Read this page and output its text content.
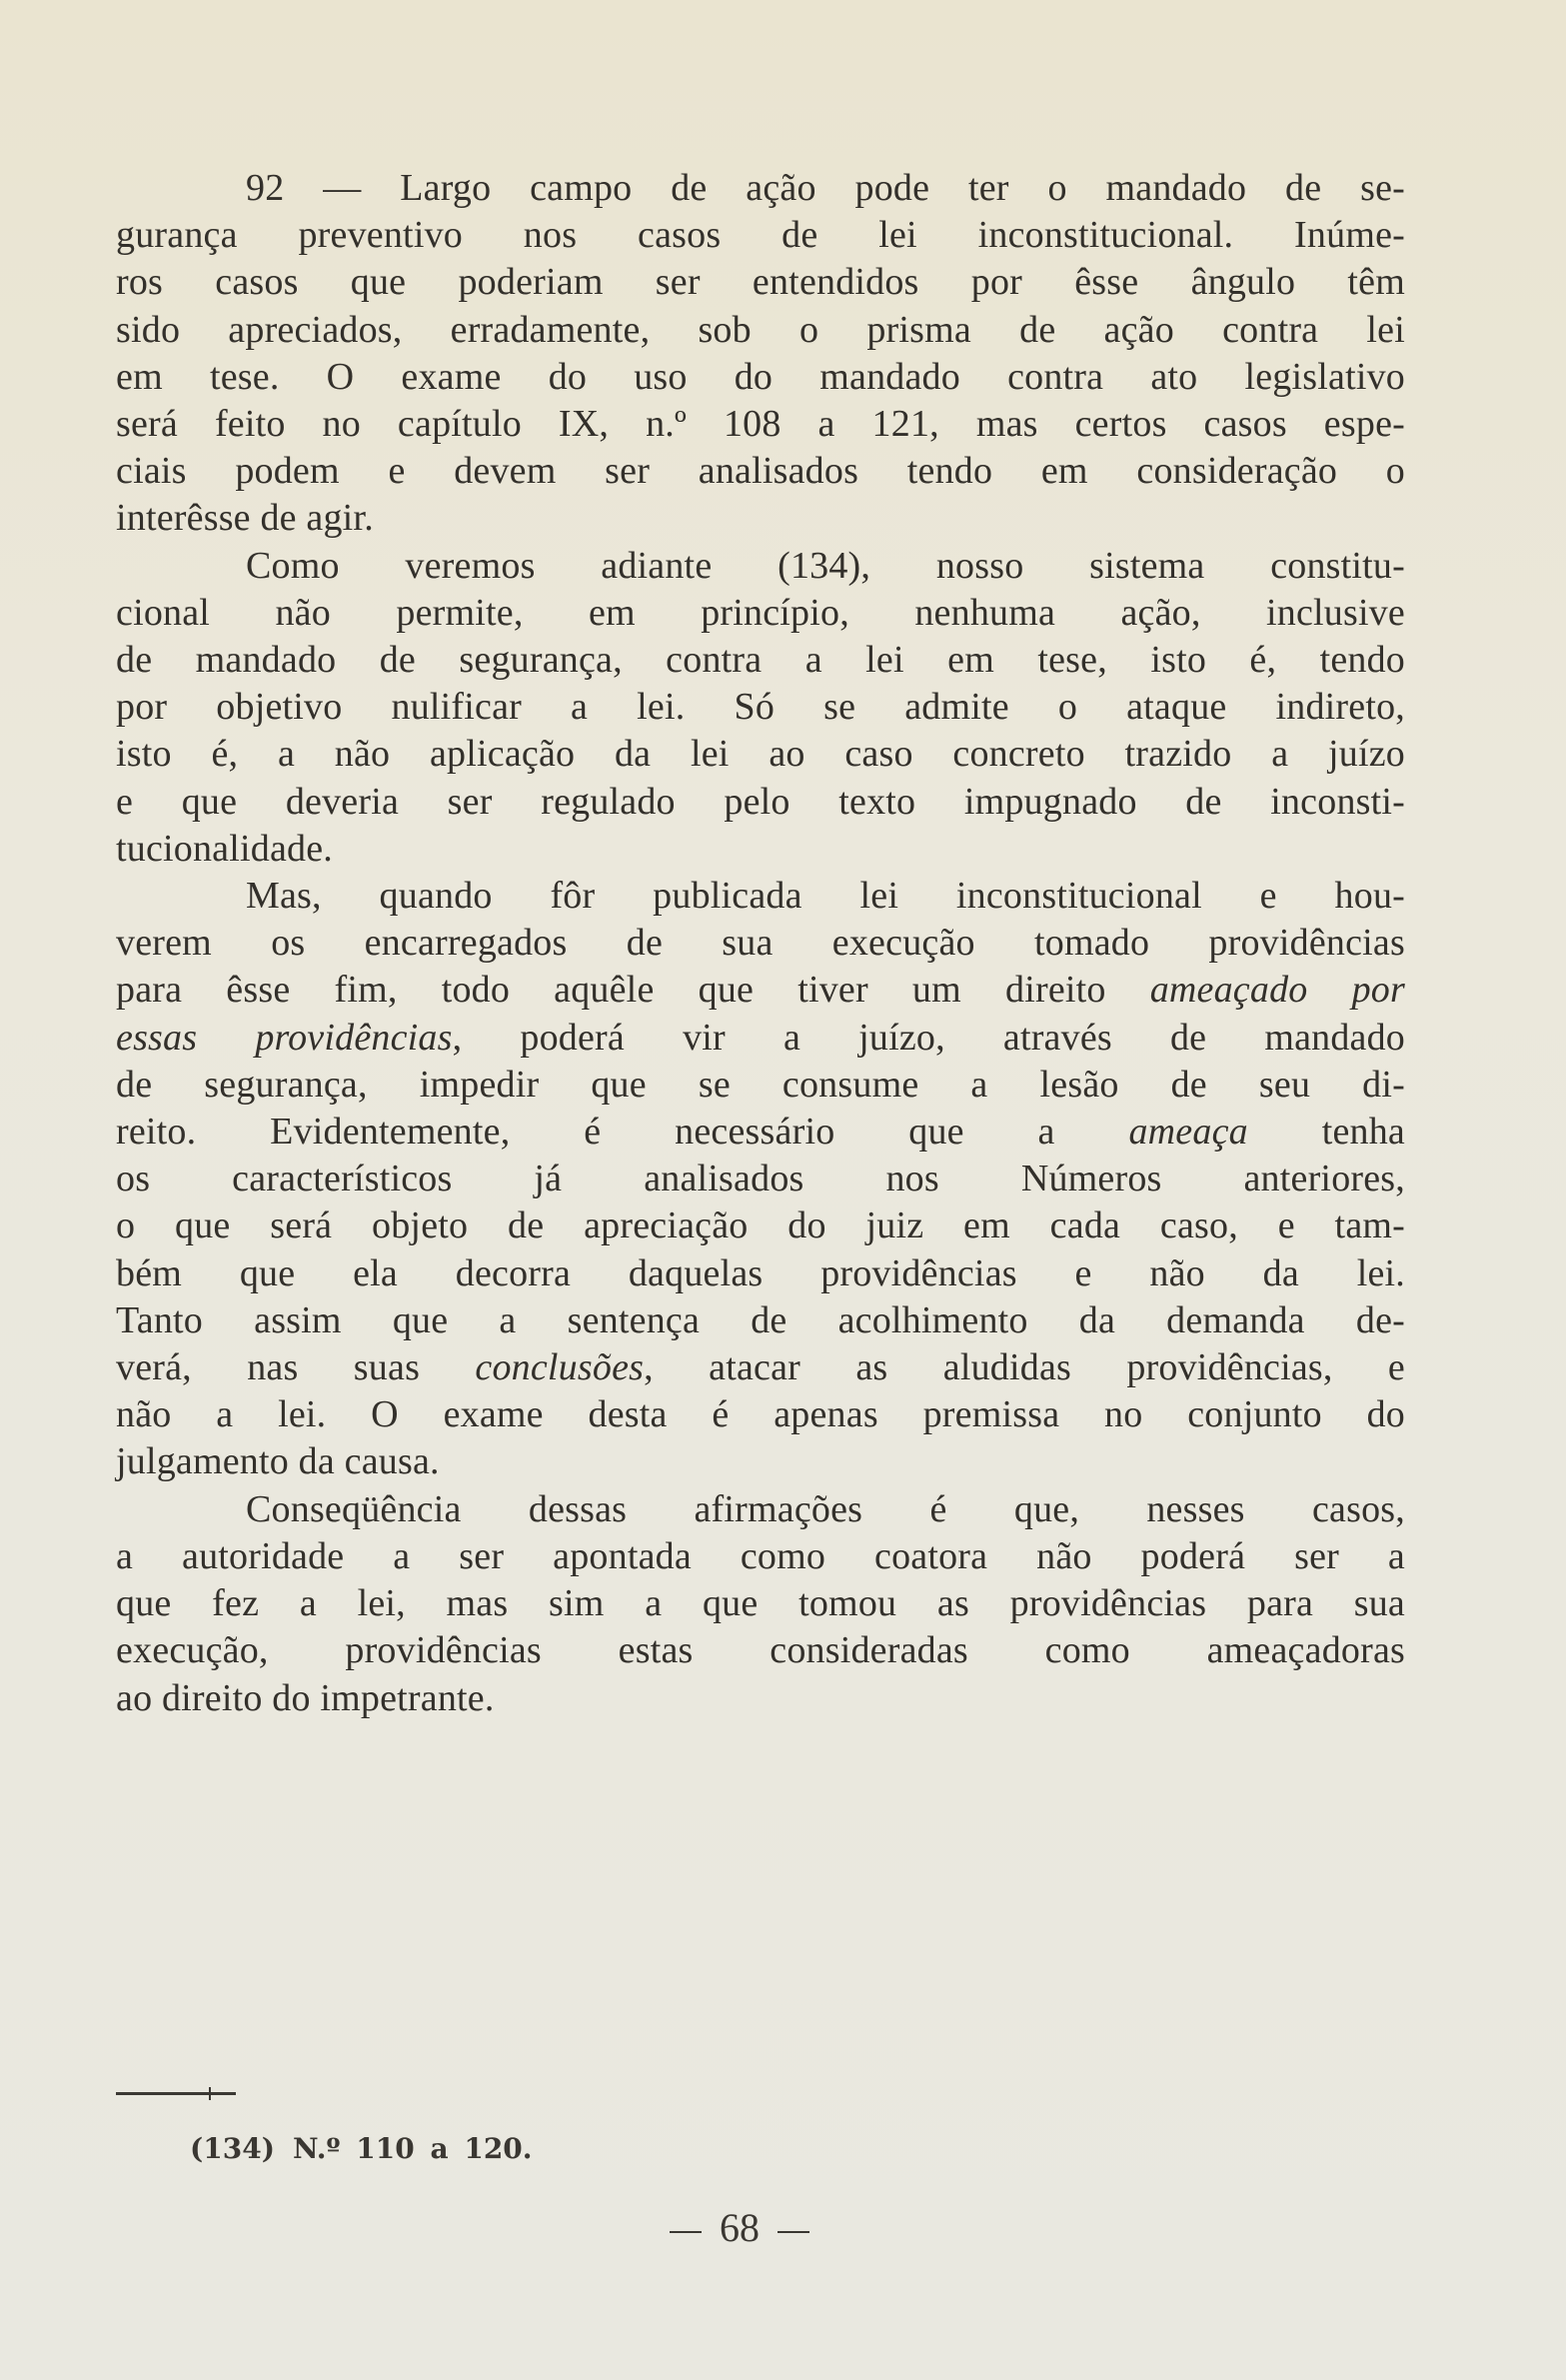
92 — Largo campo de ação pode ter o mandado de se-
gurança preventivo nos casos de lei inconstitucional. Inúme-
ros casos que poderiam ser entendidos por êsse ângulo têm
sido apreciados, erradamente, sob o prisma de ação contra lei
em tese. O exame do uso do mandado contra ato legislativo
será feito no capítulo IX, n.º 108 a 121, mas certos casos espe-
ciais podem e devem ser analisados tendo em consideração o
interêsse de agir.

Como veremos adiante (134), nosso sistema constitu-
cional não permite, em princípio, nenhuma ação, inclusive
de mandado de segurança, contra a lei em tese, isto é, tendo
por objetivo nulificar a lei. Só se admite o ataque indireto,
isto é, a não aplicação da lei ao caso concreto trazido a juízo
e que deveria ser regulado pelo texto impugnado de inconsti-
tucionalidade.

Mas, quando fôr publicada lei inconstitucional e hou-
verem os encarregados de sua execução tomado providências
para êsse fim, todo aquêle que tiver um direito ameaçado por
essas providências, poderá vir a juízo, através de mandado
de segurança, impedir que se consume a lesão de seu di-
reito. Evidentemente, é necessário que a ameaça tenha
os característicos já analisados nos Números anteriores,
o que será objeto de apreciação do juiz em cada caso, e tam-
bém que ela decorra daquelas providências e não da lei.
Tanto assim que a sentença de acolhimento da demanda de-
verá, nas suas conclusões, atacar as aludidas providências, e
não a lei. O exame desta é apenas premissa no conjunto do
julgamento da causa.

Conseqüência dessas afirmações é que, nesses casos,
a autoridade a ser apontada como coatora não poderá ser a
que fez a lei, mas sim a que tomou as providências para sua
execução, providências estas consideradas como ameaçadoras
ao direito do impetrante.

(134) N.º 110 a 120.
68
